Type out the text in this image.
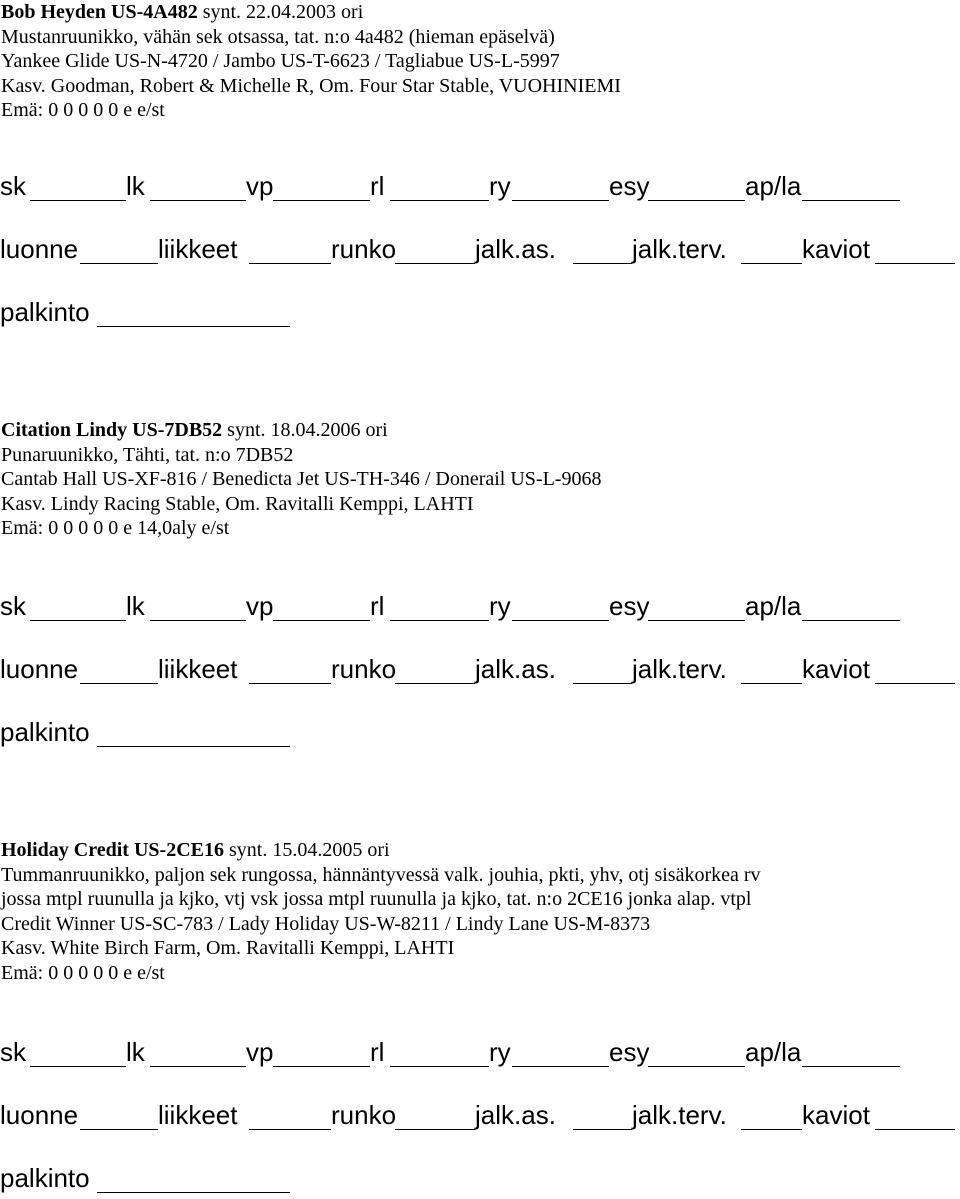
Bob Heyden US-4A482 synt. 22.04.2003 ori
Mustanruunikko, vähän sek otsassa, tat. n:o 4a482 (hieman epäselvä)
Yankee Glide US-N-4720 / Jambo US-T-6623 / Tagliabue US-L-5997
Kasv. Goodman, Robert & Michelle R, Om. Four Star Stable, VUOHINIEMI
Emä: 0 0 0 0 0 e e/st
sk	lk	vp	rl	ry	esy	ap/la
luonne	liikkeet	runko	jalk.as.	jalk.terv.	kaviot
palkinto
Citation Lindy US-7DB52 synt. 18.04.2006 ori
Punaruunikko, Tähti, tat. n:o 7DB52
Cantab Hall US-XF-816 / Benedicta Jet US-TH-346 / Donerail US-L-9068
Kasv. Lindy Racing Stable, Om. Ravitalli Kemppi, LAHTI
Emä: 0 0 0 0 0 e 14,0aly e/st
sk	lk	vp	rl	ry	esy	ap/la
luonne	liikkeet	runko	jalk.as.	jalk.terv.	kaviot
palkinto
Holiday Credit US-2CE16 synt. 15.04.2005 ori
Tummanruunikko, paljon sek rungossa, hännäntyvessä valk. jouhia, pkti, yhv, otj sisäkorkea rv
jossa mtpl ruunulla ja kjko, vtj vsk jossa mtpl ruunulla ja kjko, tat. n:o 2CE16 jonka alap. vtpl
Credit Winner US-SC-783 / Lady Holiday US-W-8211 / Lindy Lane US-M-8373
Kasv. White Birch Farm, Om. Ravitalli Kemppi, LAHTI
Emä: 0 0 0 0 0 e e/st
sk	lk	vp	rl	ry	esy	ap/la
luonne	liikkeet	runko	jalk.as.	jalk.terv.	kaviot
palkinto
